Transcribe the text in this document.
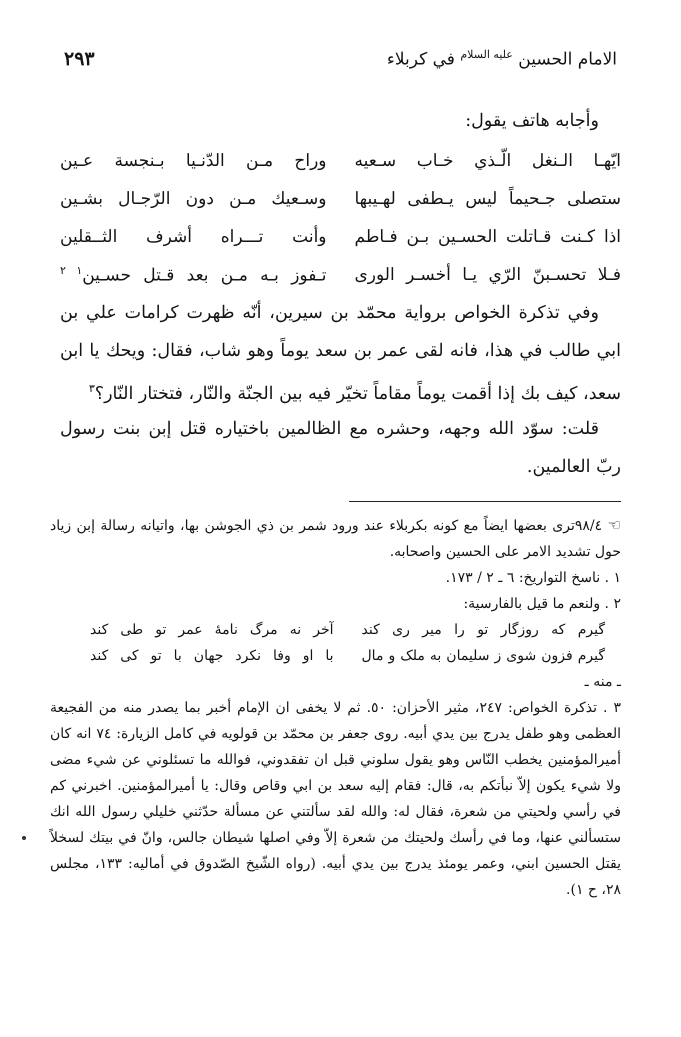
الامام الحسين $^{عليه السلام}$ في كربلاء
٢٩٣
وأجابه هاتف يقول:
ايّهـا الـنغل الّـذي خـاب سـعيه
وراح مـن الدّنـيا بـنجسة عـين
ستصلى جـحيماً ليس يـطفى لهـيبها
وسـعيك مـن دون الرّجـال بشـين
اذا كـنت قـاتلت الحسـين بـن فـاطم
وأنت تـــراه أشرف الثــقلين
فـلا تحسـبنّ الرّي يـا أخسـر الورى
تـفوز بـه مـن بعد قـتل حسـين$^{١ ٢}$
وفي تذكرة الخواص برواية محمّد بن سيرين، أنّه ظهرت كرامات علي بن ابي طالب في هذا، فانه لقى عمر بن سعد يوماً وهو شاب، فقال: ويحك يا ابن سعد، كيف بك إذا أقمت يوماً مقاماً تخيّر فيه بين الجنّة والنّار، فتختار النّار؟$^٣$
قلت: سوّد الله وجهه، وحشره مع الظالمين باختياره قتل إبن بنت رسول ربّ العالمين.

☜ ٩٨/٤ترى بعضها ايضاً مع كونه بكربلاء عند ورود شمر بن ذي الجوشن بها، واتيانه رسالة إبن زياد حول تشديد الامر على الحسين واصحابه.

١ . ناسخ التواريخ: ٦ ـ ٢ / ١٧٣.

٢ . ولنعم ما قيل بالفارسية:

گيرم كه روزگار تو را مير رى كند
آخر نه مرگ نامۀ عمر تو طى كند
گيرم فزون شوى ز سليمان به ملک و مال
با او وفا نكرد جهان با تو كى كند

ـ منه ـ

٣ . تذكرة الخواص: ٢٤٧، مثير الأحزان: ٥٠. ثم لا يخفى ان الإمام أخبر بما يصدر منه من الفجيعة العظمى وهو طفل يدرج بين يدي أبيه. روى جعفر بن محمّد بن قولويه في كامل الزيارة: ٧٤ انه كان أميرالمؤمنين يخطب النّاس وهو يقول سلوني قبل ان تفقدوني، فوالله ما تسئلوني عن شيء مضى ولا شيء يكون إلاّ نبأتكم به، قال: فقام إليه سعد بن ابي وقاص وقال: يا أميرالمؤمنين. اخبرني كم في رأسي ولحيتي من شعرة، فقال له: والله لقد سألتني عن مسألة حدّثني خليلي رسول الله انك ستسألني عنها، وما في رأسك ولحيتك من شعرة إلاّ وفي اصلها شيطان جالس، وانّ في بيتك لسخلاً يقتل الحسين ابني، وعمر يومئذ يدرج بين يدي أبيه. (رواه الشّيخ الصّدوق في أماليه: ١٣٣، مجلس ٢٨، ح ١).
